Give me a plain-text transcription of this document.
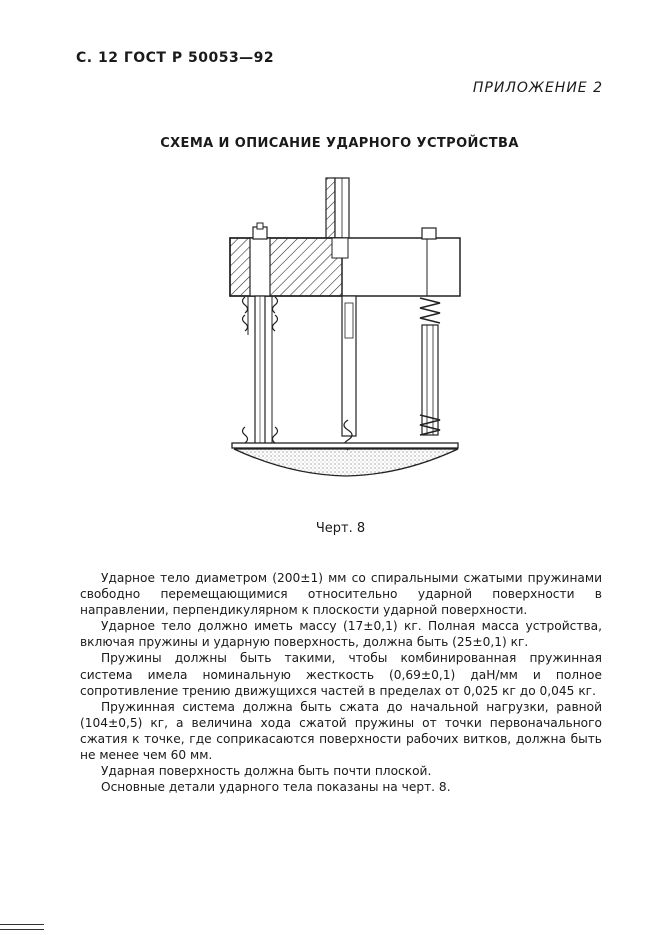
С. 12 ГОСТ Р 50053—92
ПРИЛОЖЕНИЕ 2
СХЕМА И ОПИСАНИЕ УДАРНОГО УСТРОЙСТВА
Черт. 8

Ударное тело диаметром (200±1) мм со спиральными сжатыми пружинами свободно перемещающимися относительно ударной поверхности в направлении, перпендикулярном к плоскости ударной поверхности.

Ударное тело должно иметь массу (17±0,1) кг. Полная масса устройства, включая пружины и ударную поверхность, должна быть (25±0,1) кг.

Пружины должны быть такими, чтобы комбинированная пружинная система имела номинальную жесткость (0,69±0,1) даН/мм и полное сопротивление трению движущихся частей в пределах от 0,025 кг до 0,045 кг.

Пружинная система должна быть сжата до начальной нагрузки, равной (104±0,5) кг, а величина хода сжатой пружины от точки первоначального сжатия к точке, где соприкасаются поверхности рабочих витков, должна быть не менее чем 60 мм.

Ударная поверхность должна быть почти плоской.

Основные детали ударного тела показаны на черт. 8.
